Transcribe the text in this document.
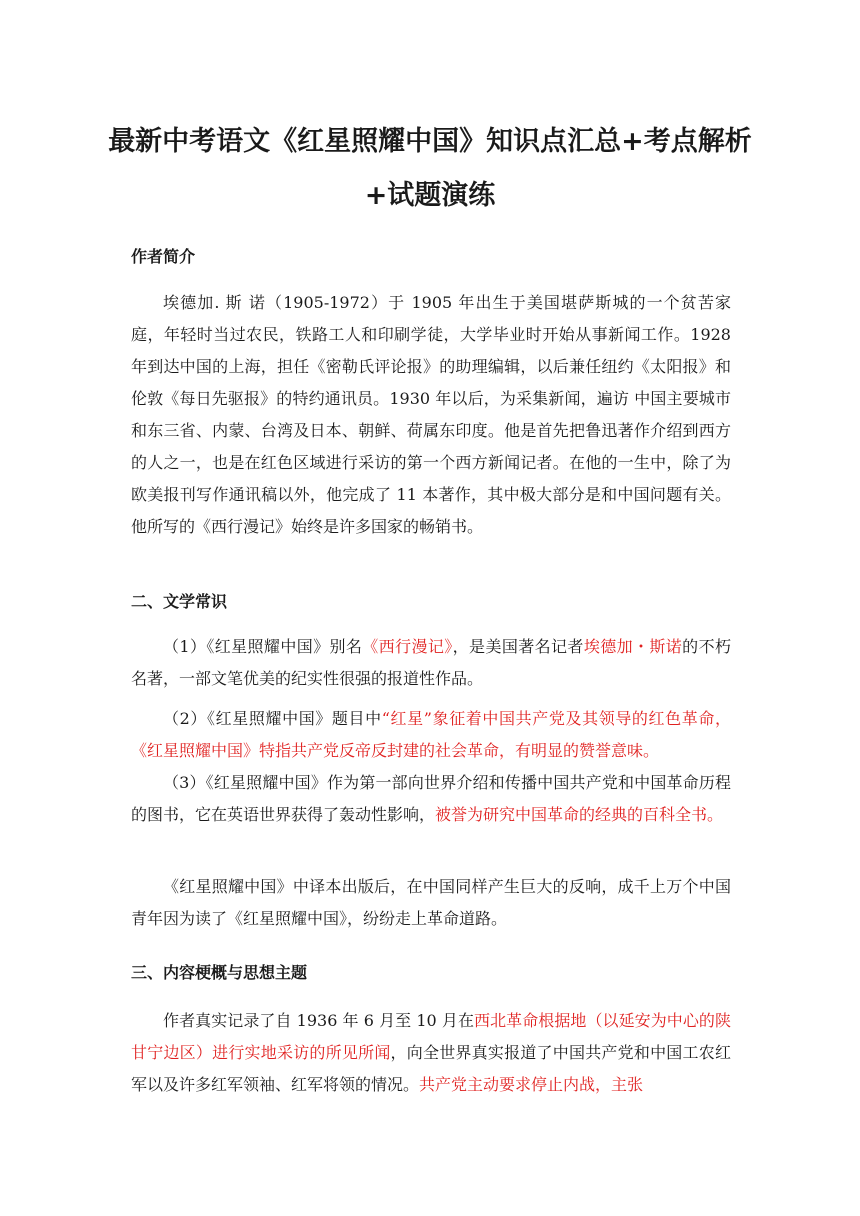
最新中考语文《红星照耀中国》知识点汇总+考点解析+试题演练
作者简介

埃德加. 斯 诺（1905-1972）于 1905 年出生于美国堪萨斯城的一个贫苦家庭，年轻时当过农民，铁路工人和印刷学徒，大学毕业时开始从事新闻工作。1928年到达中国的上海，担任《密勒氏评论报》的助理编辑，以后兼任纽约《太阳报》和伦敦《每日先驱报》的特约通讯员。1930 年以后，为采集新闻，遍访 中国主要城市和东三省、内蒙、台湾及日本、朝鲜、荷属东印度。他是首先把鲁迅著作介绍到西方的人之一，也是在红色区域进行采访的第一个西方新闻记者。在他的一生中，除了为欧美报刊写作通讯稿以外，他完成了 11 本著作，其中极大部分是和中国问题有关。他所写的《西行漫记》始终是许多国家的畅销书。

二、文学常识

（1）《红星照耀中国》别名《西行漫记》，是美国著名记者埃德加・斯诺的不朽名著，一部文笔优美的纪实性很强的报道性作品。

（2）《红星照耀中国》题目中“红星”象征着中国共产党及其领导的红色革命，《红星照耀中国》特指共产党反帝反封建的社会革命，有明显的赞誉意味。

（3）《红星照耀中国》作为第一部向世界介绍和传播中国共产党和中国革命历程的图书，它在英语世界获得了轰动性影响，被誉为研究中国革命的经典的百科全书。

《红星照耀中国》中译本出版后，在中国同样产生巨大的反响，成千上万个中国青年因为读了《红星照耀中国》，纷纷走上革命道路。

三、内容梗概与思想主题

作者真实记录了自 1936 年 6 月至 10 月在西北革命根据地（以延安为中心的陕甘宁边区）进行实地采访的所见所闻，向全世界真实报道了中国共产党和中国工农红军以及许多红军领袖、红军将领的情况。共产党主动要求停止内战，主张
